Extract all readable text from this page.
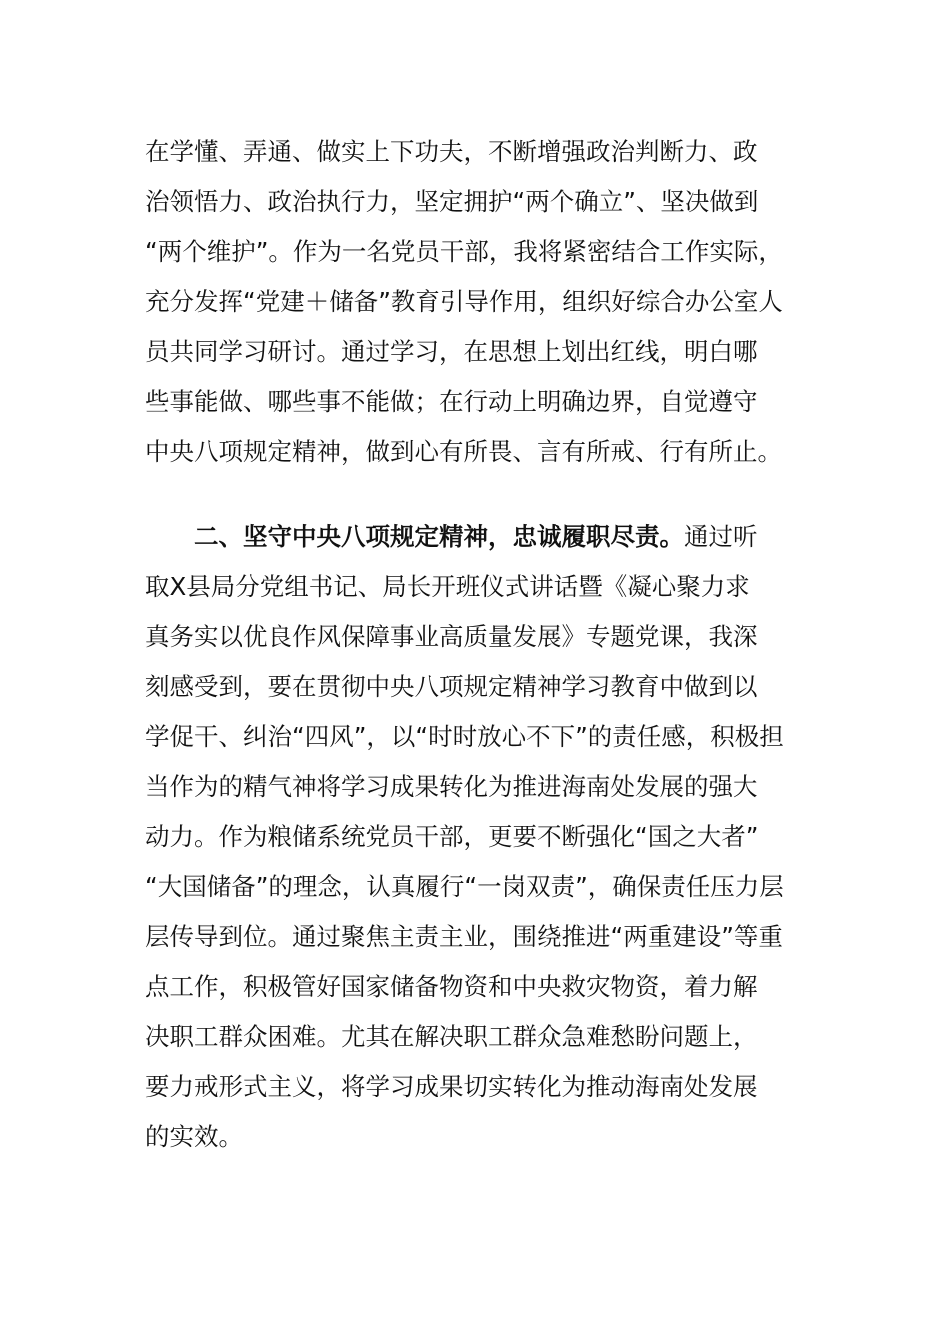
在学懂、弄通、做实上下功夫，不断增强政治判断力、政
治领悟力、政治执行力，坚定拥护“两个确立”、坚决做到
“两个维护”。作为一名党员干部，我将紧密结合工作实际，
充分发挥“党建＋储备”教育引导作用，组织好综合办公室人
员共同学习研讨。通过学习，在思想上划出红线，明白哪
些事能做、哪些事不能做；在行动上明确边界，自觉遵守
中央八项规定精神，做到心有所畏、言有所戒、行有所止。
二、坚守中央八项规定精神，忠诚履职尽责。通过听
取X县局分党组书记、局长开班仪式讲话暨《凝心聚力求
真务实以优良作风保障事业高质量发展》专题党课，我深
刻感受到，要在贯彻中央八项规定精神学习教育中做到以
学促干、纠治“四风”，以“时时放心不下”的责任感，积极担
当作为的精气神将学习成果转化为推进海南处发展的强大
动力。作为粮储系统党员干部，更要不断强化“国之大者”
“大国储备”的理念，认真履行“一岗双责”，确保责任压力层
层传导到位。通过聚焦主责主业，围绕推进“两重建设”等重
点工作，积极管好国家储备物资和中央救灾物资，着力解
决职工群众困难。尤其在解决职工群众急难愁盼问题上，
要力戒形式主义，将学习成果切实转化为推动海南处发展
的实效。
